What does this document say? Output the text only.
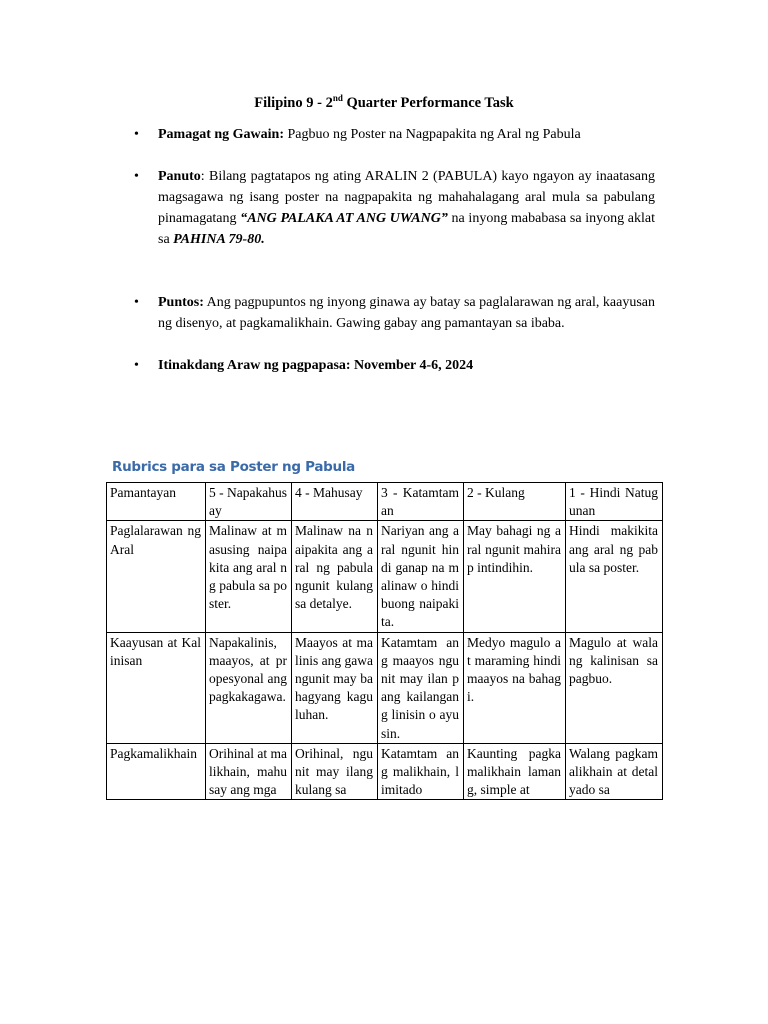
Filipino 9 - 2nd Quarter Performance Task
• Pamagat ng Gawain: Pagbuo ng Poster na Nagpapakita ng Aral ng Pabula
• Panuto: Bilang pagtatapos ng ating ARALIN 2 (PABULA) kayo ngayon ay inaatasang magsagawa ng isang poster na nagpapakita ng mahahalagang aral mula sa pabulang pinamagatang “ANG PALAKA AT ANG UWANG” na inyong mababasa sa inyong aklat sa PAHINA 79-80.
• Puntos: Ang pagpupuntos ng inyong ginawa ay batay sa paglalarawan ng aral, kaayusan ng disenyo, at pagkamalikhain. Gawing gabay ang pamantayan sa ibaba.
• Itinakdang Araw ng pagpapasa: November 4-6, 2024
Rubrics para sa Poster ng Pabula
Pamantayan	5 - Napakahusay	4 - Mahusay	3 - Katamtaman	2 - Kulang	1 - Hindi Natugunan
Paglalarawan ng Aral	Malinaw at masusing naipakita ang aral ng pabula sa poster.	Malinaw na naipakita ang aral ng pabula ngunit kulang sa detalye.	Nariyan ang aral ngunit hindi ganap na malinaw o hindi buong naipakita.	May bahagi ng aral ngunit mahirap intindihin.	Hindi makikita ang aral ng pabula sa poster.
Kaayusan at Kalinisan	Napakalinis, maayos, at propesyonal ang pagkakagawa.	Maayos at malinis ang gawa ngunit may bahagyang kaguluhan.	Katamtam ang maayos ngunit may ilan pang kailangang linisin o ayusin.	Medyo magulo at maraming hindi maayos na bahagi.	Magulo at walang kalinisan sa pagbuo.
Pagkamalikhain	Orihinal at malikhain, mahusay ang mga	Orihinal, ngunit may ilang kulang sa	Katamtam ang malikhain, limitado	Kaunting pagkamalikhain lamang, simple at	Walang pagkamalikhain at detalyado sa
